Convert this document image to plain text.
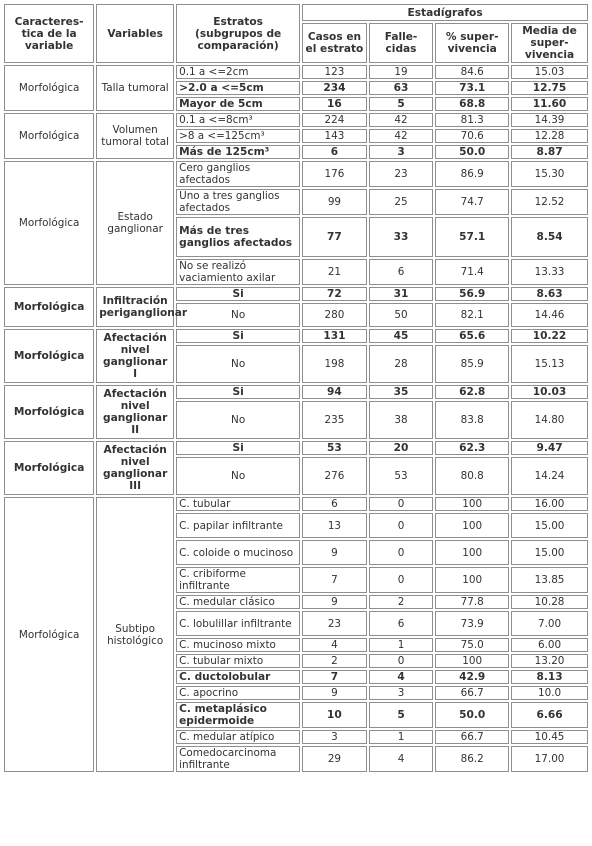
Caracteres-tica de la variable	Variables	Estratos (subgrupos de comparación)	Estadígrafos			
			Casos en el estrato	Falle-cidas	% super-vivencia	Media de super-vivencia
Morfológica	Talla tumoral	0.1 a <=2cm	123	19	84.6	15.03
		>2.0 a <=5cm	234	63	73.1	12.75
		Mayor de 5cm	16	5	68.8	11.60
Morfológica	Volumen tumoral total	0.1 a <=8cm³	224	42	81.3	14.39
		>8 a <=125cm³	143	42	70.6	12.28
		Más de 125cm³	6	3	50.0	8.87
Morfológica	Estado ganglionar	Cero ganglios afectados	176	23	86.9	15.30
		Uno a tres ganglios afectados	99	25	74.7	12.52
		Más de tres ganglios afectados	77	33	57.1	8.54
		No se realizó vaciamiento axilar	21	6	71.4	13.33
Morfológica	Infiltración periganglionar	Si	72	31	56.9	8.63
		No	280	50	82.1	14.46
Morfológica	Afectación nivel ganglionar I	Si	131	45	65.6	10.22
		No	198	28	85.9	15.13
Morfológica	Afectación nivel ganglionar II	Si	94	35	62.8	10.03
		No	235	38	83.8	14.80
Morfológica	Afectación nivel ganglionar III	Si	53	20	62.3	9.47
		No	276	53	80.8	14.24
Morfológica	Subtipo histológico	C. tubular	6	0	100	16.00
		C. papilar infiltrante	13	0	100	15.00
		C. coloide o mucinoso	9	0	100	15.00
		C. cribiforme infiltrante	7	0	100	13.85
		C. medular clásico	9	2	77.8	10.28
		C. lobulillar infiltrante	23	6	73.9	7.00
		C. mucinoso mixto	4	1	75.0	6.00
		C. tubular mixto	2	0	100	13.20
		C. ductolobular	7	4	42.9	8.13
		C. apocrino	9	3	66.7	10.0
		C. metaplásico epidermoide	10	5	50.0	6.66
		C. medular atípico	3	1	66.7	10.45
		Comedocarcinoma infiltrante	29	4	86.2	17.00
